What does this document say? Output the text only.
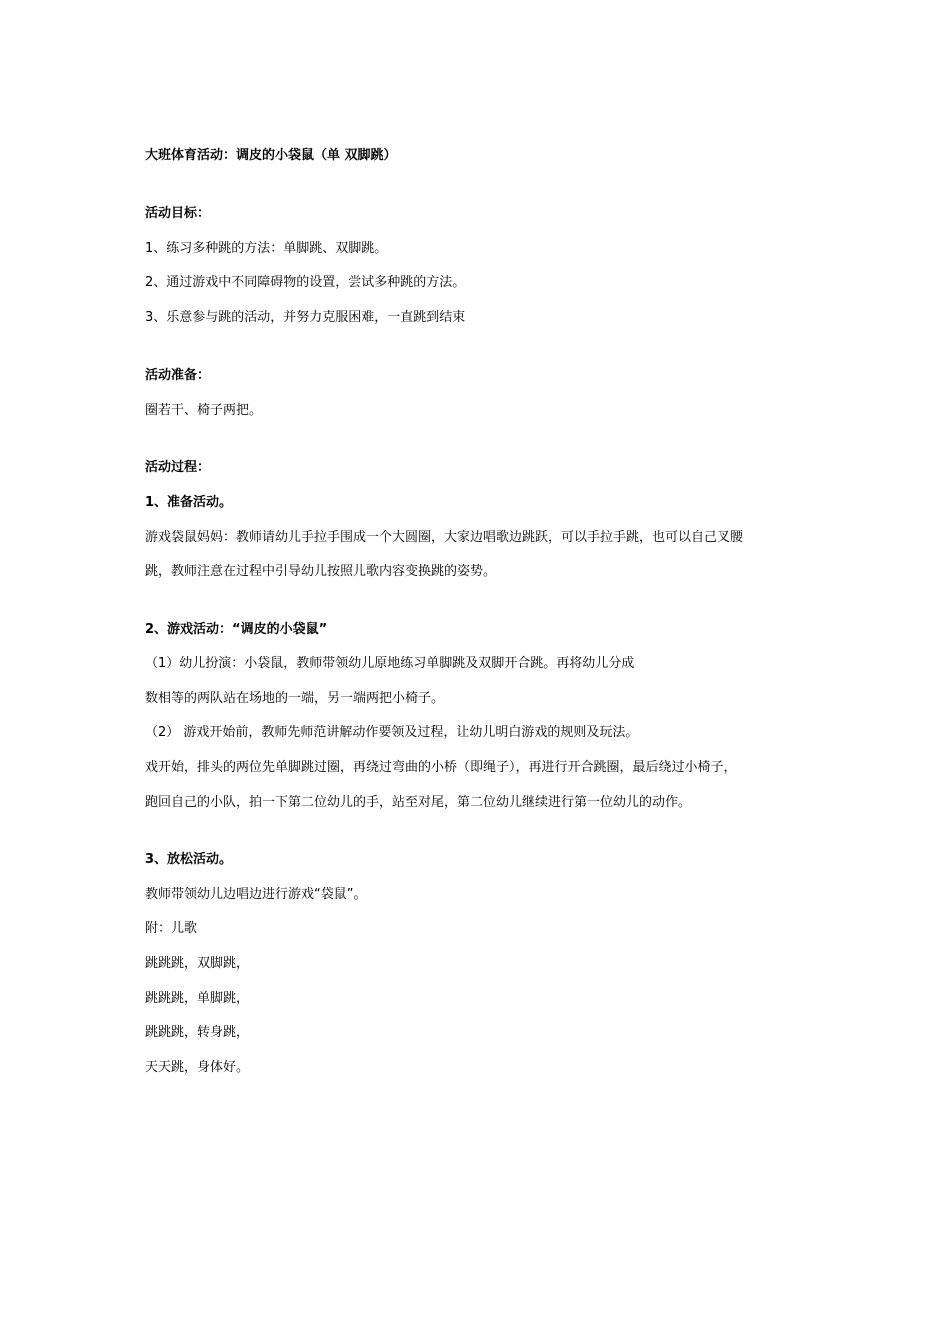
大班体育活动：调皮的小袋鼠（单 双脚跳）

活动目标：

1、练习多种跳的方法：单脚跳、双脚跳。

2、通过游戏中不同障碍物的设置，尝试多种跳的方法。

3、乐意参与跳的活动，并努力克服困难，一直跳到结束

活动准备：

圈若干、椅子两把。

活动过程：

1、准备活动。

游戏袋鼠妈妈：教师请幼儿手拉手围成一个大圆圈，大家边唱歌边跳跃，可以手拉手跳，也可以自己叉腰

跳，教师注意在过程中引导幼儿按照儿歌内容变换跳的姿势。

2、游戏活动：“调皮的小袋鼠”

（1）幼儿扮演：小袋鼠，教师带领幼儿原地练习单脚跳及双脚开合跳。再将幼儿分成

数相等的两队站在场地的一端，另一端两把小椅子。

（2） 游戏开始前，教师先师范讲解动作要领及过程，让幼儿明白游戏的规则及玩法。

戏开始，排头的两位先单脚跳过圈，再绕过弯曲的小桥（即绳子），再进行开合跳圈，最后绕过小椅子，

跑回自己的小队，拍一下第二位幼儿的手，站至对尾，第二位幼儿继续进行第一位幼儿的动作。

3、放松活动。

教师带领幼儿边唱边进行游戏“袋鼠”。

附：儿歌

跳跳跳，双脚跳，

跳跳跳，单脚跳，

跳跳跳，转身跳，

天天跳，身体好。
